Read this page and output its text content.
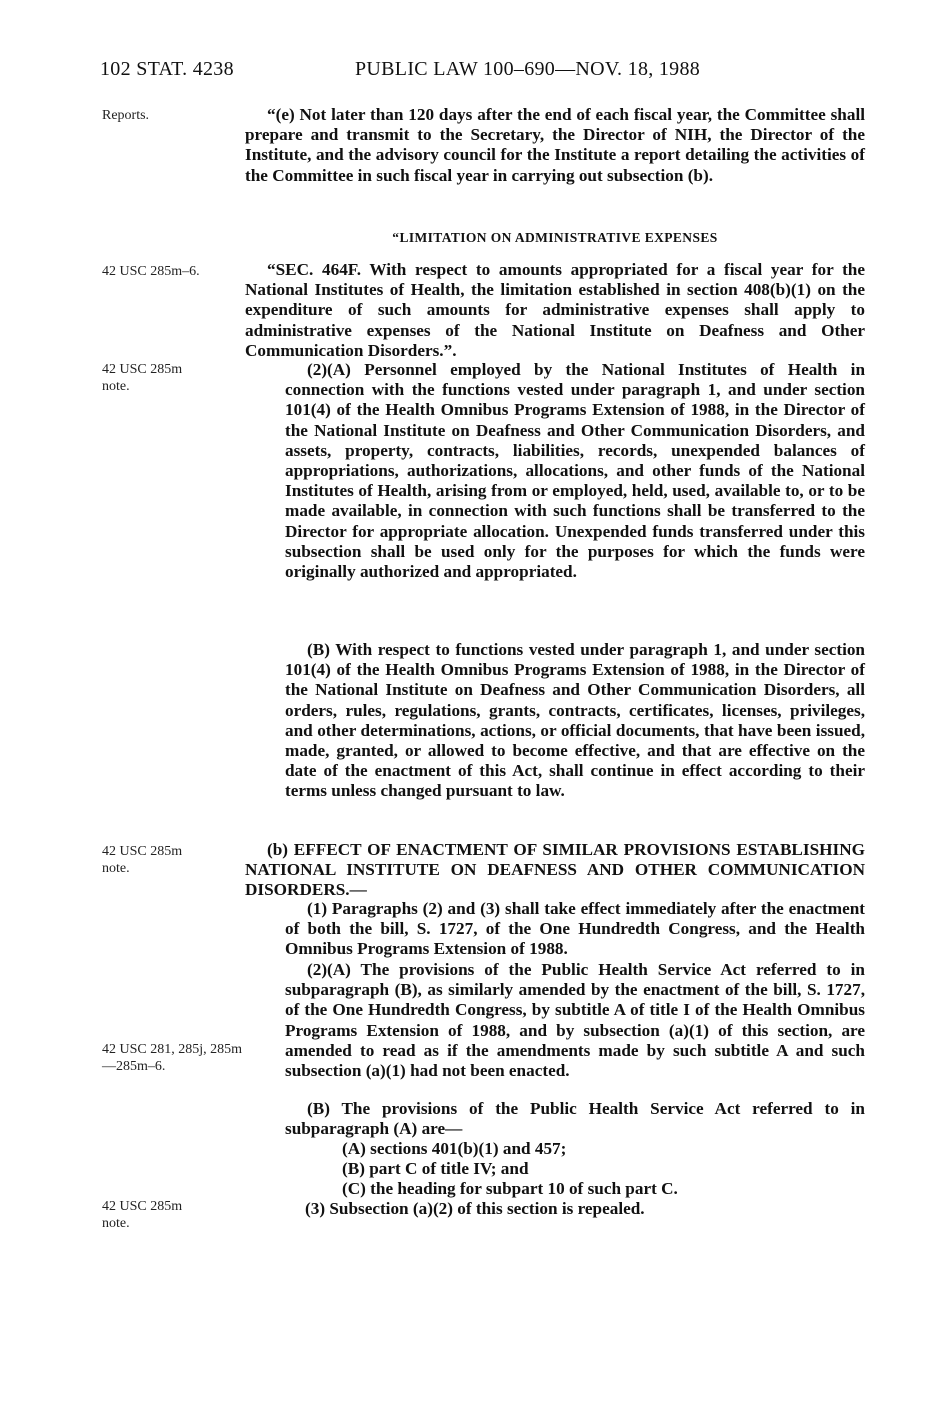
102 STAT. 4238	PUBLIC LAW 100–690—NOV. 18, 1988
Reports.
42 USC 285m–6.
42 USC 285m note.
42 USC 285m note.
42 USC 281, 285j, 285m—285m–6.
42 USC 285m note.
“(e) Not later than 120 days after the end of each fiscal year, the Committee shall prepare and transmit to the Secretary, the Director of NIH, the Director of the Institute, and the advisory council for the Institute a report detailing the activities of the Committee in such fiscal year in carrying out subsection (b).
“LIMITATION ON ADMINISTRATIVE EXPENSES
“SEC. 464F. With respect to amounts appropriated for a fiscal year for the National Institutes of Health, the limitation established in section 408(b)(1) on the expenditure of such amounts for administrative expenses shall apply to administrative expenses of the National Institute on Deafness and Other Communication Disorders.”.
(2)(A) Personnel employed by the National Institutes of Health in connection with the functions vested under paragraph 1, and under section 101(4) of the Health Omnibus Programs Extension of 1988, in the Director of the National Institute on Deafness and Other Communication Disorders, and assets, property, contracts, liabilities, records, unexpended balances of appropriations, authorizations, allocations, and other funds of the National Institutes of Health, arising from or employed, held, used, available to, or to be made available, in connection with such functions shall be transferred to the Director for appropriate allocation. Unexpended funds transferred under this subsection shall be used only for the purposes for which the funds were originally authorized and appropriated.
(B) With respect to functions vested under paragraph 1, and under section 101(4) of the Health Omnibus Programs Extension of 1988, in the Director of the National Institute on Deafness and Other Communication Disorders, all orders, rules, regulations, grants, contracts, certificates, licenses, privileges, and other determinations, actions, or official documents, that have been issued, made, granted, or allowed to become effective, and that are effective on the date of the enactment of this Act, shall continue in effect according to their terms unless changed pursuant to law.
(b) EFFECT OF ENACTMENT OF SIMILAR PROVISIONS ESTABLISHING NATIONAL INSTITUTE ON DEAFNESS AND OTHER COMMUNICATION DISORDERS.—
(1) Paragraphs (2) and (3) shall take effect immediately after the enactment of both the bill, S. 1727, of the One Hundredth Congress, and the Health Omnibus Programs Extension of 1988.
(2)(A) The provisions of the Public Health Service Act referred to in subparagraph (B), as similarly amended by the enactment of the bill, S. 1727, of the One Hundredth Congress, by subtitle A of title I of the Health Omnibus Programs Extension of 1988, and by subsection (a)(1) of this section, are amended to read as if the amendments made by such subtitle A and such subsection (a)(1) had not been enacted.
(B) The provisions of the Public Health Service Act referred to in subparagraph (A) are—
(A) sections 401(b)(1) and 457;
(B) part C of title IV; and
(C) the heading for subpart 10 of such part C.
(3) Subsection (a)(2) of this section is repealed.
